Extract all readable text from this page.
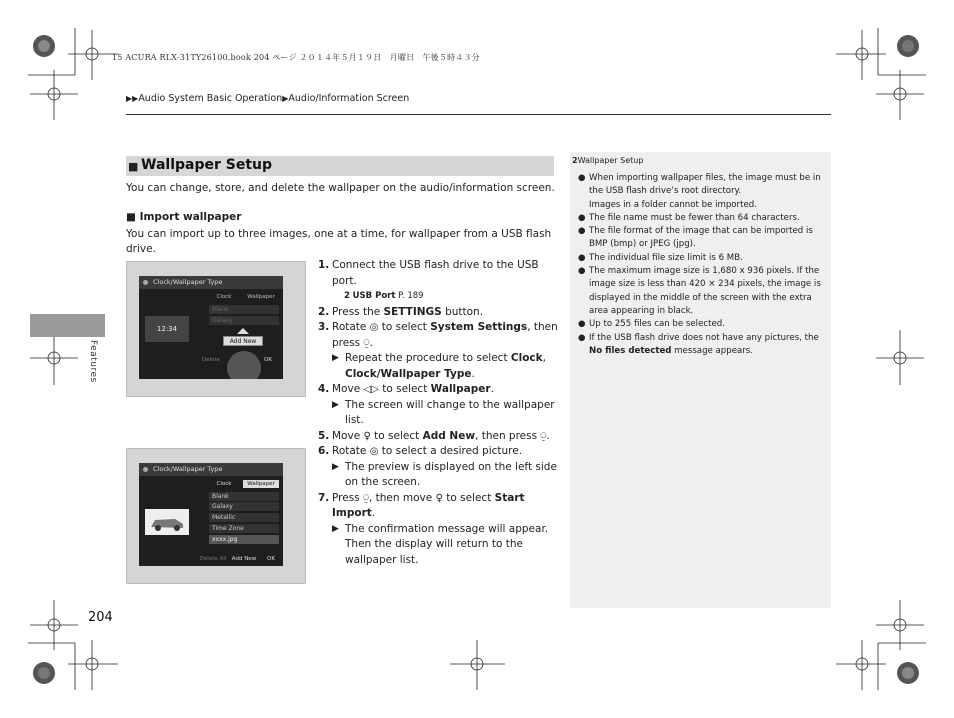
15 ACURA RLX-31TY26100.book 204 ページ ２０１４年５月１９日　月曜日　午後５時４３分
▶▶Audio System Basic Operation▶Audio/Information Screen
■ Wallpaper Setup
You can change, store, and delete the wallpaper on the audio/information screen.
■ Import wallpaper
You can import up to three images, one at a time, for wallpaper from a USB flash drive.
Clock/Wallpaper Type
Clock	Wallpaper
Blank
Galaxy
12:34
Add New
Delete	OK
Clock/Wallpaper Type
Clock	Wallpaper
Blank
Galaxy
Metallic
Time Zone
xxxx.jpg
Delete All Add New	OK
1. Connect the USB flash drive to the USB port.
2 USB Port P. 189
2. Press the SETTINGS button.
3. Rotate ◎ to select System Settings, then press ⍜.
▶ Repeat the procedure to select Clock, Clock/Wallpaper Type.
4. Move ◁▷ to select Wallpaper.
▶ The screen will change to the wallpaper list.
5. Move ♀ to select Add New, then press ⍜.
6. Rotate ◎ to select a desired picture.
▶ The preview is displayed on the left side on the screen.
7. Press ⍜, then move ♀ to select Start Import.
▶ The confirmation message will appear.
Then the display will return to the wallpaper list.
2Wallpaper Setup
● When importing wallpaper files, the image must be in the USB flash drive’s root directory.
Images in a folder cannot be imported.
● The file name must be fewer than 64 characters.
● The file format of the image that can be imported is BMP (bmp) or JPEG (jpg).
● The individual file size limit is 6 MB.
● The maximum image size is 1,680 x 936 pixels. If the image size is less than 420 × 234 pixels, the image is displayed in the middle of the screen with the extra area appearing in black.
● Up to 255 files can be selected.
● If the USB flash drive does not have any pictures, the No files detected message appears.
Features
204
